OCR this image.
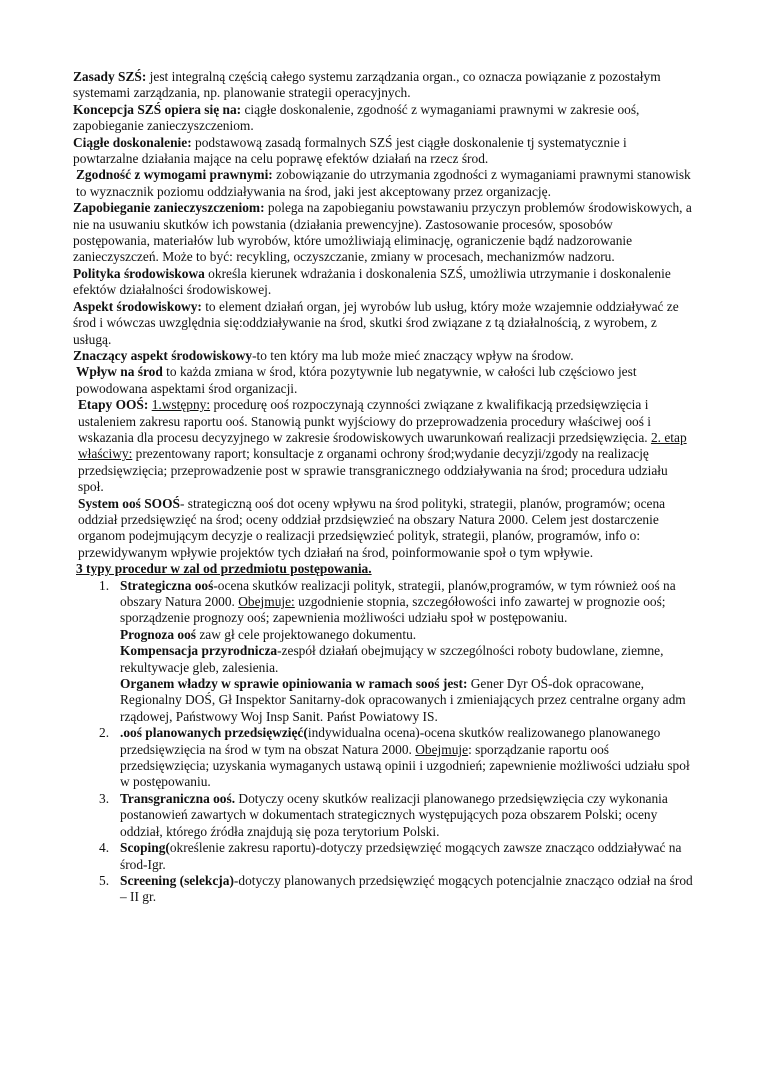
Zasady SZŚ: jest integralną częścią całego systemu zarządzania organ., co oznacza powiązanie z pozostałym systemami zarządzania, np. planowanie strategii operacyjnych.

Koncepcja SZŚ opiera się na: ciągłe doskonalenie, zgodność z wymaganiami prawnymi w zakresie ooś, zapobieganie zanieczyszczeniom.

Ciągłe doskonalenie: podstawową zasadą formalnych SZŚ jest ciągłe doskonalenie tj systematycznie i powtarzalne działania mające na celu poprawę efektów działań na rzecz środ.

Zgodność z wymogami prawnymi: zobowiązanie do utrzymania zgodności z wymaganiami prawnymi stanowisk to wyznacznik poziomu oddziaływania na środ, jaki jest akceptowany przez organizację.

Zapobieganie zanieczyszczeniom: polega na zapobieganiu powstawaniu przyczyn problemów środowiskowych, a nie na usuwaniu skutków ich powstania (działania prewencyjne). Zastosowanie procesów, sposobów postępowania, materiałów lub wyrobów, które umożliwiają eliminację, ograniczenie bądź nadzorowanie zanieczyszczeń. Może to być: recykling, oczyszczanie, zmiany w procesach, mechanizmów nadzoru.

Polityka środowiskowa określa kierunek wdrażania i doskonalenia SZŚ, umożliwia utrzymanie i doskonalenie efektów działalności środowiskowej.

Aspekt środowiskowy: to element działań organ, jej wyrobów lub usług, który może wzajemnie oddziaływać ze środ i wówczas uwzględnia się:oddziaływanie na środ, skutki środ związane z tą działalnością, z wyrobem, z usługą.

Znaczący aspekt środowiskowy-to ten który ma lub może mieć znaczący wpływ na środow.

Wpływ na środ to każda zmiana w środ, która pozytywnie lub negatywnie, w całości lub częściowo jest powodowana aspektami środ organizacji.

Etapy OOŚ: 1.wstępny: procedurę ooś rozpoczynają czynności związane z kwalifikacją przedsięwzięcia i ustaleniem zakresu raportu ooś. Stanowią punkt wyjściowy do przeprowadzenia procedury właściwej ooś i wskazania dla procesu decyzyjnego w zakresie środowiskowych uwarunkowań realizacji przedsięwzięcia. 2. etap właściwy: prezentowany raport; konsultacje z organami ochrony środ;wydanie decyzji/zgody na realizację przedsięwzięcia; przeprowadzenie post w sprawie transgranicznego oddziaływania na środ; procedura udziału społ.

System ooś SOOŚ- strategiczną ooś dot oceny wpływu na środ polityki, strategii, planów, programów; ocena oddział przedsięwzięć na środ; oceny oddział przdsięwzieć na obszary Natura 2000. Celem jest dostarczenie organom podejmującym decyzje o realizacji przedsięwzieć polityk, strategii, planów, programów, info o: przewidywanym wpływie projektów tych działań na środ, poinformowanie społ o tym wpływie.

3 typy procedur w zal od przedmiotu postępowania.

1. Strategiczna ooś-ocena skutków realizacji polityk, strategii, planów,programów, w tym również ooś na obszary Natura 2000. Obejmuje: uzgodnienie stopnia, szczegółowości info zawartej w prognozie ooś; sporządzenie prognozy ooś; zapewnienia możliwości udziału społ w postępowaniu.
Prognoza ooś zaw gł cele projektowanego dokumentu.
Kompensacja przyrodnicza-zespół działań obejmujący w szczególności roboty budowlane, ziemne, rekultywacje gleb, zalesienia.
Organem władzy w sprawie opiniowania w ramach sooś jest: Gener Dyr OŚ-dok opracowane, Regionalny DOŚ, Gł Inspektor Sanitarny-dok opracowanych i zmieniających przez centralne organy adm rządowej, Państwowy Woj Insp Sanit. Państ Powiatowy IS.
2. .ooś planowanych przedsięwzięć(indywidualna ocena)-ocena skutków realizowanego planowanego przedsięwzięcia na środ w tym na obszat Natura 2000. Obejmuje: sporządzanie raportu ooś przedsięwzięcia; uzyskania wymaganych ustawą opinii i uzgodnień; zapewnienie możliwości udziału społ w postępowaniu.
3. Transgraniczna ooś. Dotyczy oceny skutków realizacji planowanego przedsięwzięcia czy wykonania postanowień zawartych w dokumentach strategicznych występujących poza obszarem Polski; oceny oddział, którego źródła znajdują się poza terytorium Polski.
4. Scoping(określenie zakresu raportu)-dotyczy przedsięwzięć mogących zawsze znacząco oddziaływać na środ-Igr.
5. Screening (selekcja)-dotyczy planowanych przedsięwzięć mogących potencjalnie znacząco odział na środ – II gr.
